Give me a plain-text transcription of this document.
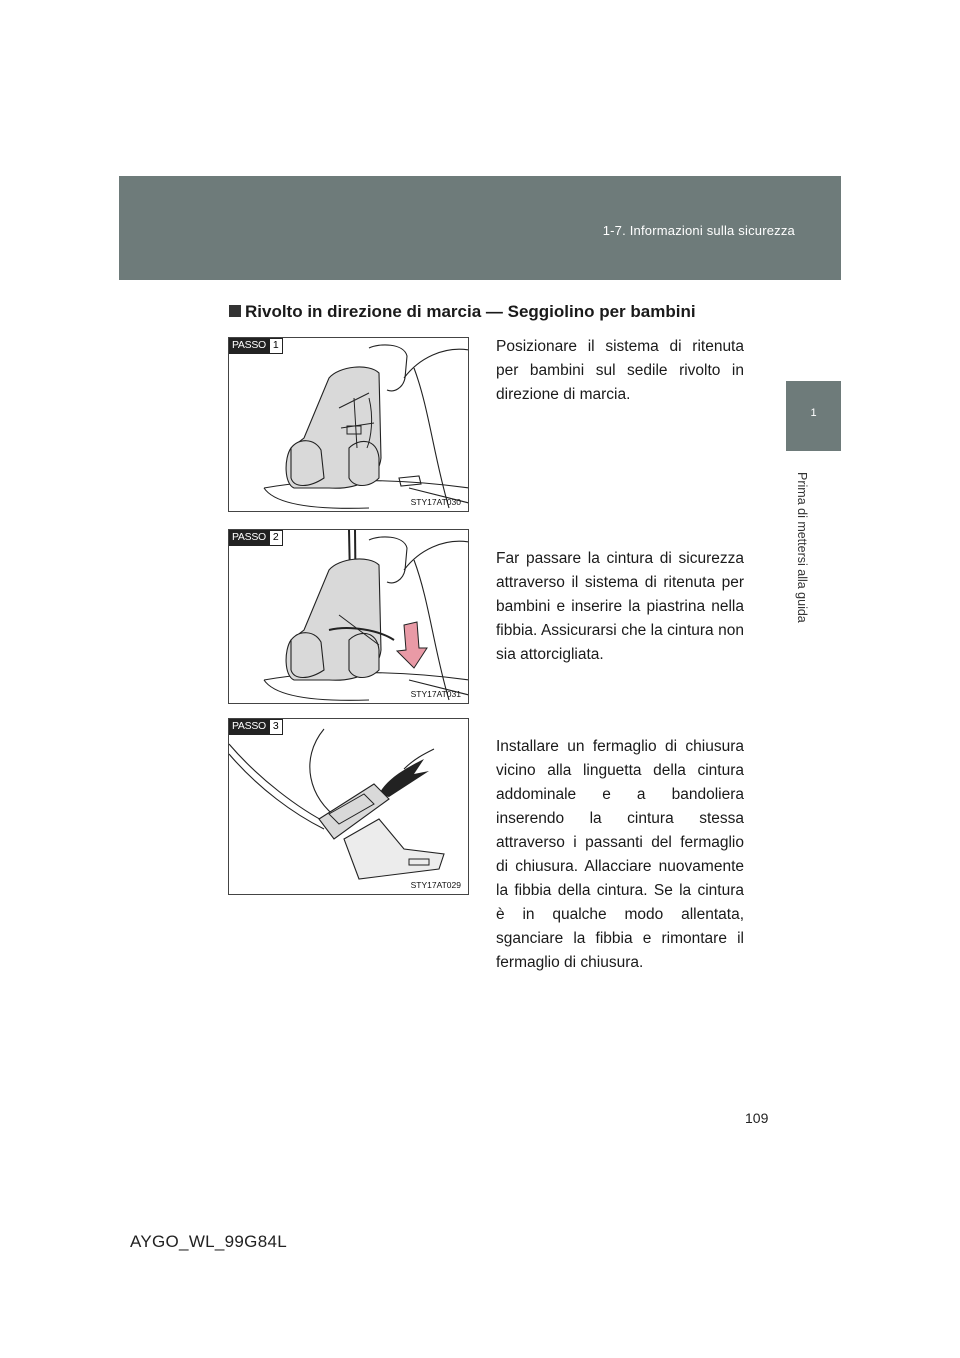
1-7. Informazioni sulla sicurezza
1
Prima di mettersi alla guida
Rivolto in direzione di marcia — Seggiolino per bambini
PASSO 1
STY17AT030
PASSO 2
STY17AT031
PASSO 3
STY17AT029

Posizionare il sistema di ritenuta per bambini sul sedile rivolto in direzione di marcia.

Far passare la cintura di sicurezza attraverso il sistema di ritenuta per bambini e inserire la piastrina nella fibbia. Assicurarsi che la cintura non sia attorcigliata.

Installare un fermaglio di chiusura vicino alla linguetta della cintura addominale e a bandoliera inserendo la cintura stessa attraverso i passanti del fermaglio di chiusura. Allacciare nuovamente la fibbia della cintura. Se la cintura è in qualche modo allentata, sganciare la fibbia e rimontare il fermaglio di chiusura.

109
AYGO_WL_99G84L
